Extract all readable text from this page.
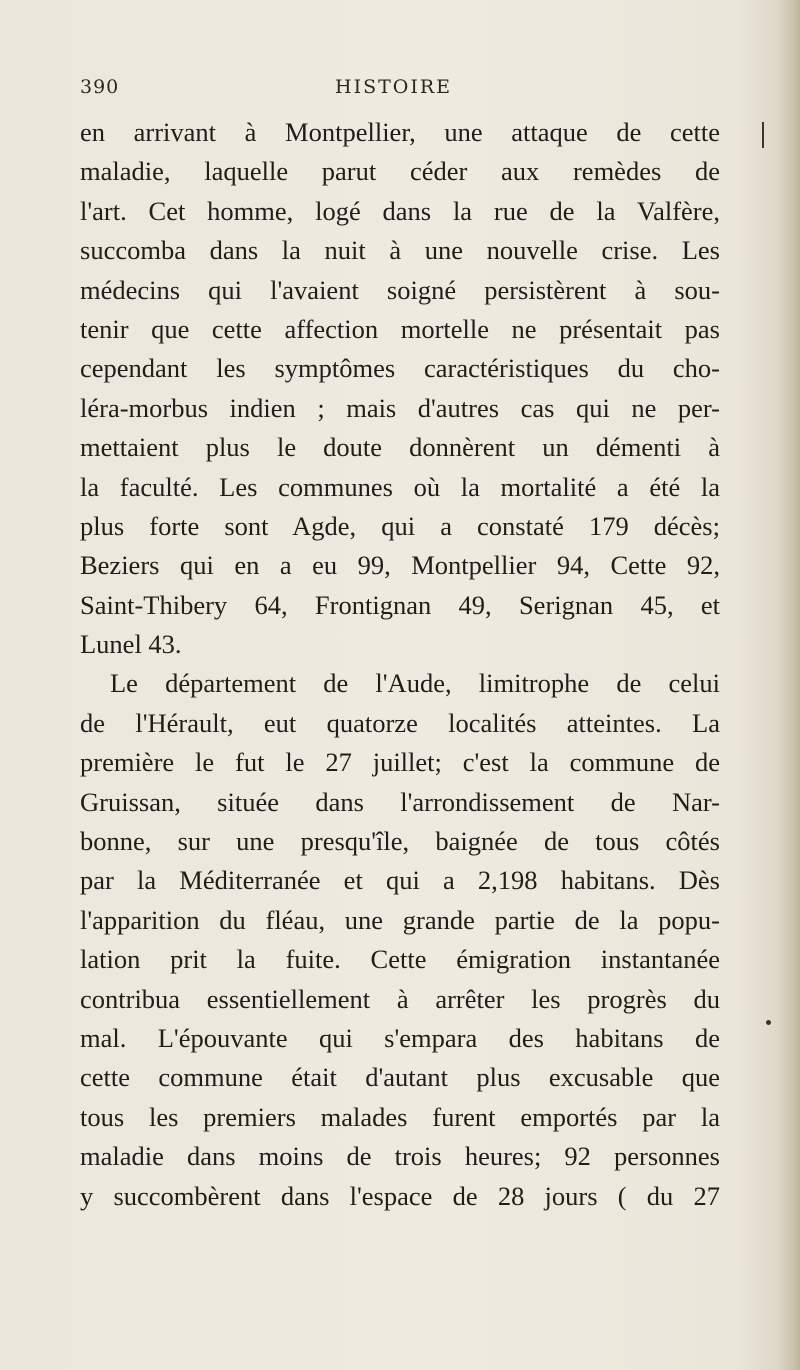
390	HISTOIRE
en arrivant à Montpellier, une attaque de cette
maladie, laquelle parut céder aux remèdes de
l'art. Cet homme, logé dans la rue de la Valfère,
succomba dans la nuit à une nouvelle crise. Les
médecins qui l'avaient soigné persistèrent à sou-
tenir que cette affection mortelle ne présentait pas
cependant les symptômes caractéristiques du cho-
léra-morbus indien ; mais d'autres cas qui ne per-
mettaient plus le doute donnèrent un démenti à
la faculté. Les communes où la mortalité a été la
plus forte sont Agde, qui a constaté 179 décès;
Beziers qui en a eu 99, Montpellier 94, Cette 92,
Saint-Thibery 64, Frontignan 49, Serignan 45, et
Lunel 43.
Le département de l'Aude, limitrophe de celui
de l'Hérault, eut quatorze localités atteintes. La
première le fut le 27 juillet; c'est la commune de
Gruissan, située dans l'arrondissement de Nar-
bonne, sur une presqu'île, baignée de tous côtés
par la Méditerranée et qui a 2,198 habitans. Dès
l'apparition du fléau, une grande partie de la popu-
lation prit la fuite. Cette émigration instantanée
contribua essentiellement à arrêter les progrès du
mal. L'épouvante qui s'empara des habitans de
cette commune était d'autant plus excusable que
tous les premiers malades furent emportés par la
maladie dans moins de trois heures; 92 personnes
y succombèrent dans l'espace de 28 jours ( du 27
